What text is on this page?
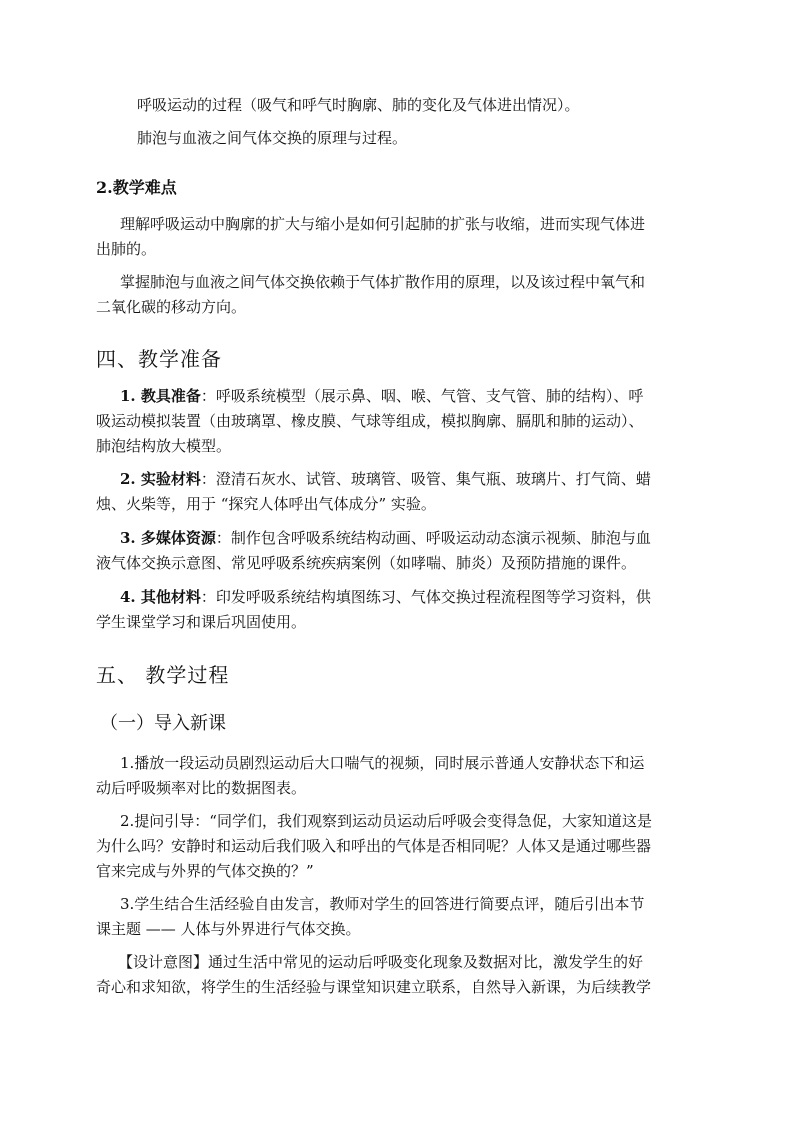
呼吸运动的过程（吸气和呼气时胸廓、肺的变化及气体进出情况）。
肺泡与血液之间气体交换的原理与过程。
2.教学难点
理解呼吸运动中胸廓的扩大与缩小是如何引起肺的扩张与收缩，进而实现气体进
出肺的。
掌握肺泡与血液之间气体交换依赖于气体扩散作用的原理，以及该过程中氧气和
二氧化碳的移动方向。
四、教学准备
1. 教具准备：呼吸系统模型（展示鼻、咽、喉、气管、支气管、肺的结构）、呼
吸运动模拟装置（由玻璃罩、橡皮膜、气球等组成，模拟胸廓、膈肌和肺的运动）、
肺泡结构放大模型。
2. 实验材料：澄清石灰水、试管、玻璃管、吸管、集气瓶、玻璃片、打气筒、蜡
烛、火柴等，用于 “探究人体呼出气体成分” 实验。
3. 多媒体资源：制作包含呼吸系统结构动画、呼吸运动动态演示视频、肺泡与血
液气体交换示意图、常见呼吸系统疾病案例（如哮喘、肺炎）及预防措施的课件。
4. 其他材料：印发呼吸系统结构填图练习、气体交换过程流程图等学习资料，供
学生课堂学习和课后巩固使用。
五、 教学过程
（一）导入新课
1.播放一段运动员剧烈运动后大口喘气的视频，同时展示普通人安静状态下和运
动后呼吸频率对比的数据图表。
2.提问引导：“同学们，我们观察到运动员运动后呼吸会变得急促，大家知道这是
为什么吗？安静时和运动后我们吸入和呼出的气体是否相同呢？人体又是通过哪些器
官来完成与外界的气体交换的？”
3.学生结合生活经验自由发言，教师对学生的回答进行简要点评，随后引出本节
课主题 —— 人体与外界进行气体交换。
【设计意图】通过生活中常见的运动后呼吸变化现象及数据对比，激发学生的好
奇心和求知欲，将学生的生活经验与课堂知识建立联系，自然导入新课，为后续教学
